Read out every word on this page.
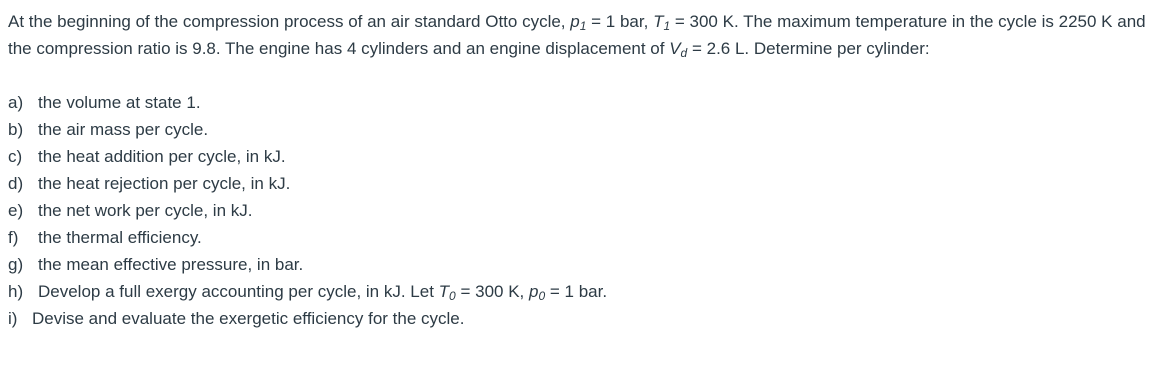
At the beginning of the compression process of an air standard Otto cycle, $p_1 = 1$ bar, $T_1 = 300$ K. The maximum temperature in the cycle is 2250 K and the compression ratio is 9.8. The engine has 4 cylinders and an engine displacement of $V_d = 2.6$ L. Determine per cylinder:

a) the volume at state 1.
b) the air mass per cycle.
c) the heat addition per cycle, in kJ.
d) the heat rejection per cycle, in kJ.
e) the net work per cycle, in kJ.
f) the thermal efficiency.
g) the mean effective pressure, in bar.
h) Develop a full exergy accounting per cycle, in kJ. Let $T_0 = 300$ K, $p_0 = 1$ bar.
i) Devise and evaluate the exergetic efficiency for the cycle.
